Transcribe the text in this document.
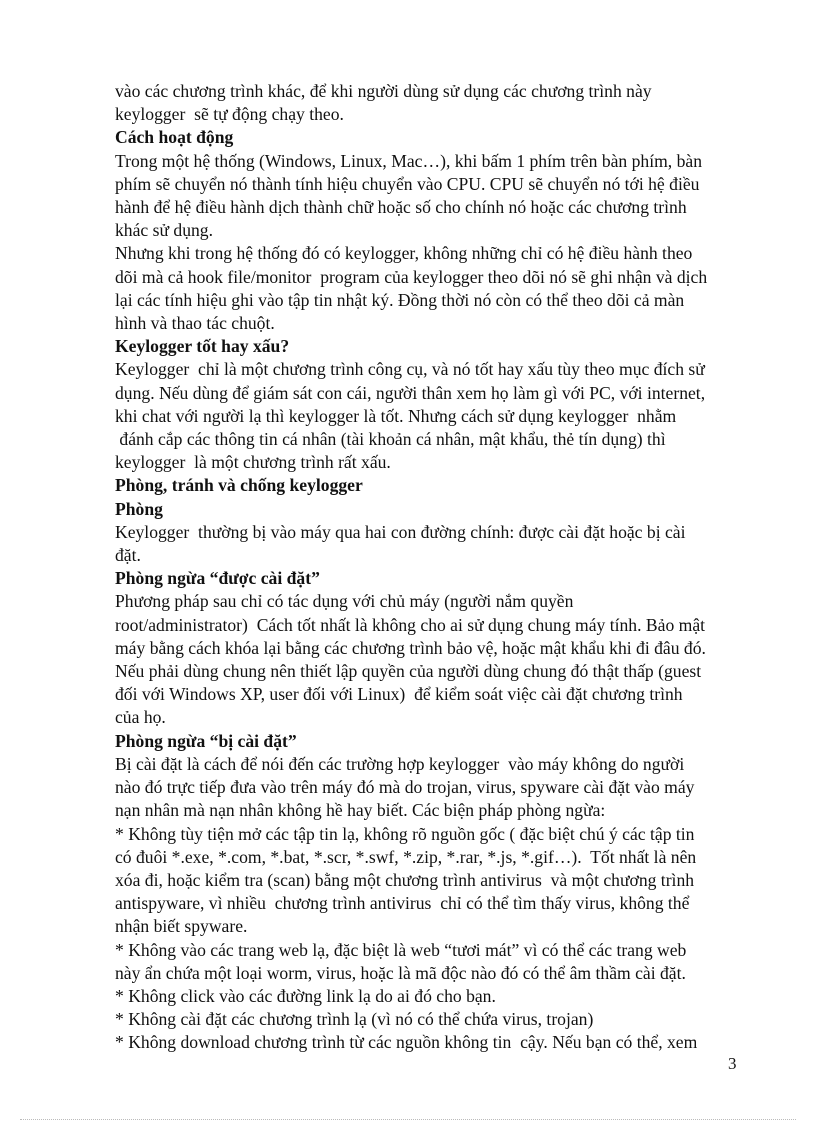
vào các chương trình khác, để khi người dùng sử dụng các chương trình này
keylogger  sẽ tự động chạy theo.

Cách hoạt động

Trong một hệ thống (Windows, Linux, Mac…), khi bấm 1 phím trên bàn phím, bàn
phím sẽ chuyển nó thành tính hiệu chuyển vào CPU. CPU sẽ chuyển nó tới hệ điều
hành để hệ điều hành dịch thành chữ hoặc số cho chính nó hoặc các chương trình
khác sử dụng.

Nhưng khi trong hệ thống đó có keylogger, không những chỉ có hệ điều hành theo
dõi mà cả hook file/monitor  program của keylogger theo dõi nó sẽ ghi nhận và dịch
lại các tính hiệu ghi vào tập tin nhật ký. Đồng thời nó còn có thể theo dõi cả màn
hình và thao tác chuột.

Keylogger tốt hay xấu?

Keylogger  chỉ là một chương trình công cụ, và nó tốt hay xấu tùy theo mục đích sử
dụng. Nếu dùng để giám sát con cái, người thân xem họ làm gì với PC, với internet,
khi chat với người lạ thì keylogger là tốt. Nhưng cách sử dụng keylogger  nhằm
đánh cắp các thông tin cá nhân (tài khoản cá nhân, mật khẩu, thẻ tín dụng) thì
keylogger  là một chương trình rất xấu.

Phòng, tránh và chống keylogger
Phòng

Keylogger  thường bị vào máy qua hai con đường chính: được cài đặt hoặc bị cài
đặt.

Phòng ngừa “được cài đặt”

Phương pháp sau chỉ có tác dụng với chủ máy (người nắm quyền
root/administrator)  Cách tốt nhất là không cho ai sử dụng chung máy tính. Bảo mật
máy bằng cách khóa lại bằng các chương trình bảo vệ, hoặc mật khẩu khi đi đâu đó.
Nếu phải dùng chung nên thiết lập quyền của người dùng chung đó thật thấp (guest
đối với Windows XP, user đối với Linux)  để kiểm soát việc cài đặt chương trình
của họ.

Phòng ngừa “bị cài đặt”

Bị cài đặt là cách để nói đến các trường hợp keylogger  vào máy không do người
nào đó trực tiếp đưa vào trên máy đó mà do trojan, virus, spyware cài đặt vào máy
nạn nhân mà nạn nhân không hề hay biết. Các biện pháp phòng ngừa:

* Không tùy tiện mở các tập tin lạ, không rõ nguồn gốc ( đặc biệt chú ý các tập tin
có đuôi *.exe, *.com, *.bat, *.scr, *.swf, *.zip, *.rar, *.js, *.gif…).  Tốt nhất là nên
xóa đi, hoặc kiểm tra (scan) bằng một chương trình antivirus  và một chương trình
antispyware, vì nhiều  chương trình antivirus  chỉ có thể tìm thấy virus, không thể
nhận biết spyware.

* Không vào các trang web lạ, đặc biệt là web “tươi mát” vì có thể các trang web
này ẩn chứa một loại worm, virus, hoặc là mã độc nào đó có thể âm thầm cài đặt.

* Không click vào các đường link lạ do ai đó cho bạn.

* Không cài đặt các chương trình lạ (vì nó có thể chứa virus, trojan)

* Không download chương trình từ các nguồn không tin  cậy. Nếu bạn có thể, xem

3
